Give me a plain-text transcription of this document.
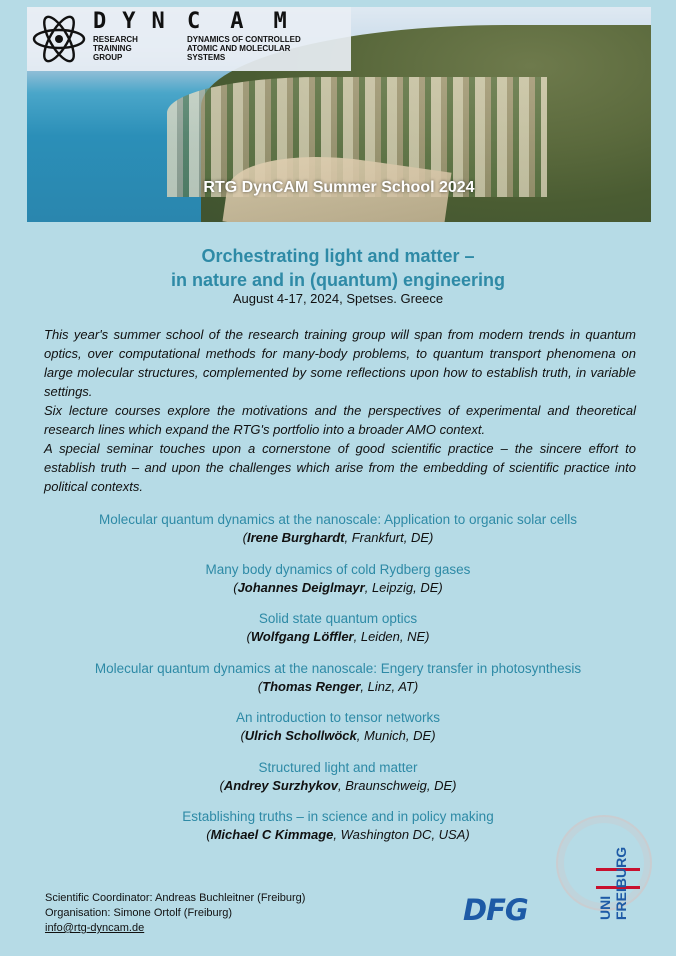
DYN CAM
RESEARCH
TRAINING
GROUP
DYNAMICS OF CONTROLLED
ATOMIC AND MOLECULAR
SYSTEMS
RTG DynCAM Summer School 2024
Orchestrating light and matter –
in nature and in (quantum) engineering
August 4-17, 2024, Spetses. Greece

This year's summer school of the research training group will span from modern trends in quantum optics, over computational methods for many-body problems, to quantum transport phenomena on large molecular structures, complemented by some reflections upon how to establish truth, in variable settings.

Six lecture courses explore the motivations and the perspectives of experimental and theoretical research lines which expand the RTG's portfolio into a broader AMO context.

A special seminar touches upon a cornerstone of good scientific practice – the sincere effort to establish truth – and upon the challenges which arise from the embedding of scientific practice into political contexts.

Molecular quantum dynamics at the nanoscale: Application to organic solar cells
(Irene Burghardt, Frankfurt, DE)
Many body dynamics of cold Rydberg gases
(Johannes Deiglmayr, Leipzig, DE)
Solid state quantum optics
(Wolfgang Löffler, Leiden, NE)
Molecular quantum dynamics at the nanoscale: Engery transfer in photosynthesis
(Thomas Renger, Linz, AT)
An introduction to tensor networks
(Ulrich Schollwöck, Munich, DE)
Structured light and matter
(Andrey Surzhykov, Braunschweig, DE)
Establishing truths – in science and in policy making
(Michael C Kimmage, Washington DC, USA)
Scientific Coordinator: Andreas Buchleitner (Freiburg)
Organisation: Simone Ortolf (Freiburg)
info@rtg-dyncam.de
DFG	UNI FREIBURG
